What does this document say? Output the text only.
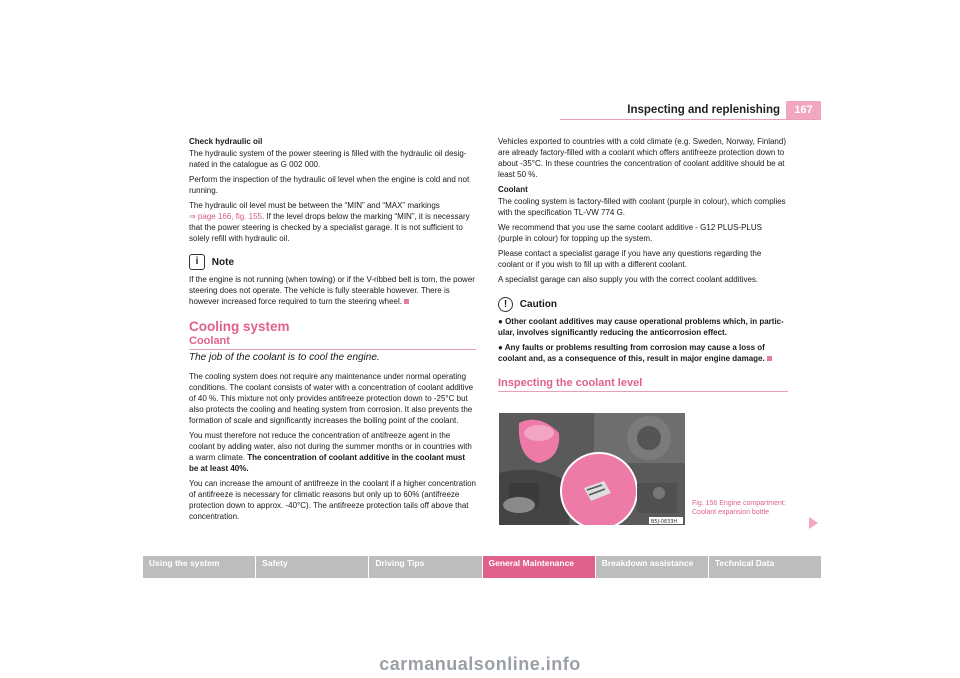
Inspecting and replenishing	167

Check hydraulic oil

The hydraulic system of the power steering is filled with the hydraulic oil designated in the catalogue as G 002 000.

Perform the inspection of the hydraulic oil level when the engine is cold and not running.

The hydraulic oil level must be between the “MIN” and “MAX” markings
⇒ page 166, fig. 155. If the level drops below the marking “MIN”, it is necessary that the power steering is checked by a specialist garage. It is not sufficient to solely refill with hydraulic oil.

i Note

If the engine is not running (when towing) or if the V-ribbed belt is torn, the power steering does not operate. The vehicle is fully steerable however. There is however increased force required to turn the steering wheel.

Cooling system
Coolant
The job of the coolant is to cool the engine.

The cooling system does not require any maintenance under normal operating conditions. The coolant consists of water with a concentration of coolant additive of 40 %. This mixture not only provides antifreeze protection down to -25°C but also protects the cooling and heating system from corrosion. It also prevents the formation of scale and significantly increases the boiling point of the coolant.

You must therefore not reduce the concentration of antifreeze agent in the coolant by adding water, also not during the summer months or in countries with a warm climate. The concentration of coolant additive in the coolant must be at least 40%.

You can increase the amount of antifreeze in the coolant if a higher concentration of antifreeze is necessary for climatic reasons but only up to 60% (antifreeze protection down to approx. -40°C). The antifreeze protection tails off above that concentration.

Vehicles exported to countries with a cold climate (e.g. Sweden, Norway, Finland) are already factory-filled with a coolant which offers antifreeze protection down to about -35°C. In these countries the concentration of coolant additive should be at least 50 %.

Coolant

The cooling system is factory-filled with coolant (purple in colour), which complies with the specification TL-VW 774 G.

We recommend that you use the same coolant additive - G12 PLUS-PLUS (purple in colour) for topping up the system.

Please contact a specialist garage if you have any questions regarding the coolant or if you wish to fill up with a different coolant.

A specialist garage can also supply you with the correct coolant additives.

! Caution

● Other coolant additives may cause operational problems which, in particular, involves significantly reducing the anticorrosion effect.

● Any faults or problems resulting from corrosion may cause a loss of coolant and, as a consequence of this, result in major engine damage.

Inspecting the coolant level
B5J-0833H
Fig. 156 Engine compartment: Coolant expansion bottle
Using the system	Safety	Driving Tips	General Maintenance	Breakdown assistance	Technical Data
carmanualsonline.info
